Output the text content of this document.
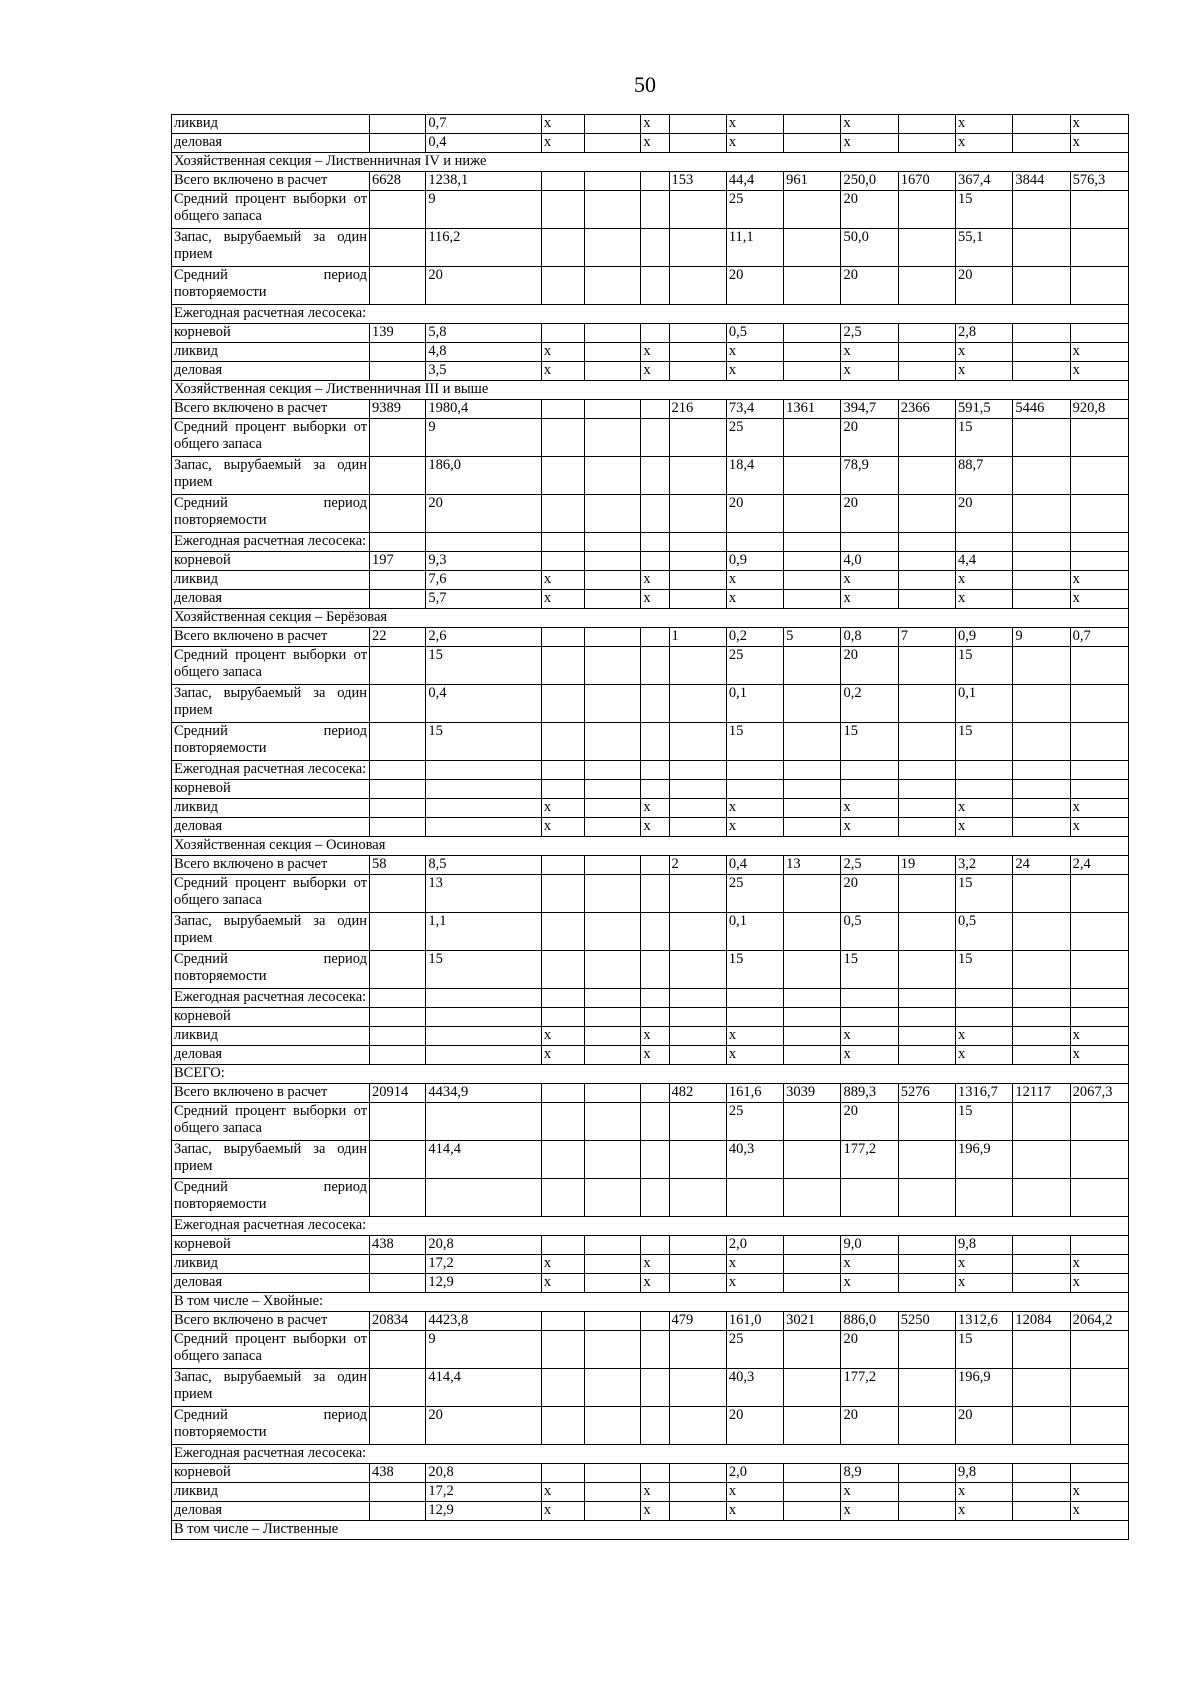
50
ликвид		0,7	х		х		х		х		х		х
деловая		0,4	х		х		х		х		х		х
Хозяйственная секция – Лиственничная IV и ниже													
Всего включено в расчет	6628	1238,1				153	44,4	961	250,0	1670	367,4	3844	576,3
Средний процент выборки от общего запаса		9					25		20		15		
Запас, вырубаемый за один прием		116,2					11,1		50,0		55,1		
Средний период повторяемости		20					20		20		20		
Ежегодная расчетная лесосека:													
корневой	139	5,8					0,5		2,5		2,8		
ликвид		4,8	х		х		х		х		х		х
деловая		3,5	х		х		х		х		х		х
Хозяйственная секция – Лиственничная III и выше													
Всего включено в расчет	9389	1980,4				216	73,4	1361	394,7	2366	591,5	5446	920,8
Средний процент выборки от общего запаса		9					25		20		15		
Запас, вырубаемый за один прием		186,0					18,4		78,9		88,7		
Средний период повторяемости		20					20		20		20		
Ежегодная расчетная лесосека:													
корневой	197	9,3					0,9		4,0		4,4		
ликвид		7,6	х		х		х		х		х		х
деловая		5,7	х		х		х		х		х		х
Хозяйственная секция – Берёзовая													
Всего включено в расчет	22	2,6				1	0,2	5	0,8	7	0,9	9	0,7
Средний процент выборки от общего запаса		15					25		20		15		
Запас, вырубаемый за один прием		0,4					0,1		0,2		0,1		
Средний период повторяемости		15					15		15		15		
Ежегодная расчетная лесосека:													
корневой													
ликвид			х		х		х		х		х		х
деловая			х		х		х		х		х		х
Хозяйственная секция – Осиновая													
Всего включено в расчет	58	8,5				2	0,4	13	2,5	19	3,2	24	2,4
Средний процент выборки от общего запаса		13					25		20		15		
Запас, вырубаемый за один прием		1,1					0,1		0,5		0,5		
Средний период повторяемости		15					15		15		15		
Ежегодная расчетная лесосека:													
корневой													
ликвид			х		х		х		х		х		х
деловая			х		х		х		х		х		х
ВСЕГО:													
Всего включено в расчет	20914	4434,9				482	161,6	3039	889,3	5276	1316,7	12117	2067,3
Средний процент выборки от общего запаса							25		20		15		
Запас, вырубаемый за один прием		414,4					40,3		177,2		196,9		
Средний период повторяемости													
Ежегодная расчетная лесосека:													
корневой	438	20,8					2,0		9,0		9,8		
ликвид		17,2	х		х		х		х		х		х
деловая		12,9	х		х		х		х		х		х
В том числе – Хвойные:													
Всего включено в расчет	20834	4423,8				479	161,0	3021	886,0	5250	1312,6	12084	2064,2
Средний процент выборки от общего запаса		9					25		20		15		
Запас, вырубаемый за один прием		414,4					40,3		177,2		196,9		
Средний период повторяемости		20					20		20		20		
Ежегодная расчетная лесосека:													
корневой	438	20,8					2,0		8,9		9,8		
ликвид		17,2	х		х		х		х		х		х
деловая		12,9	х		х		х		х		х		х
В том числе – Лиственные													
